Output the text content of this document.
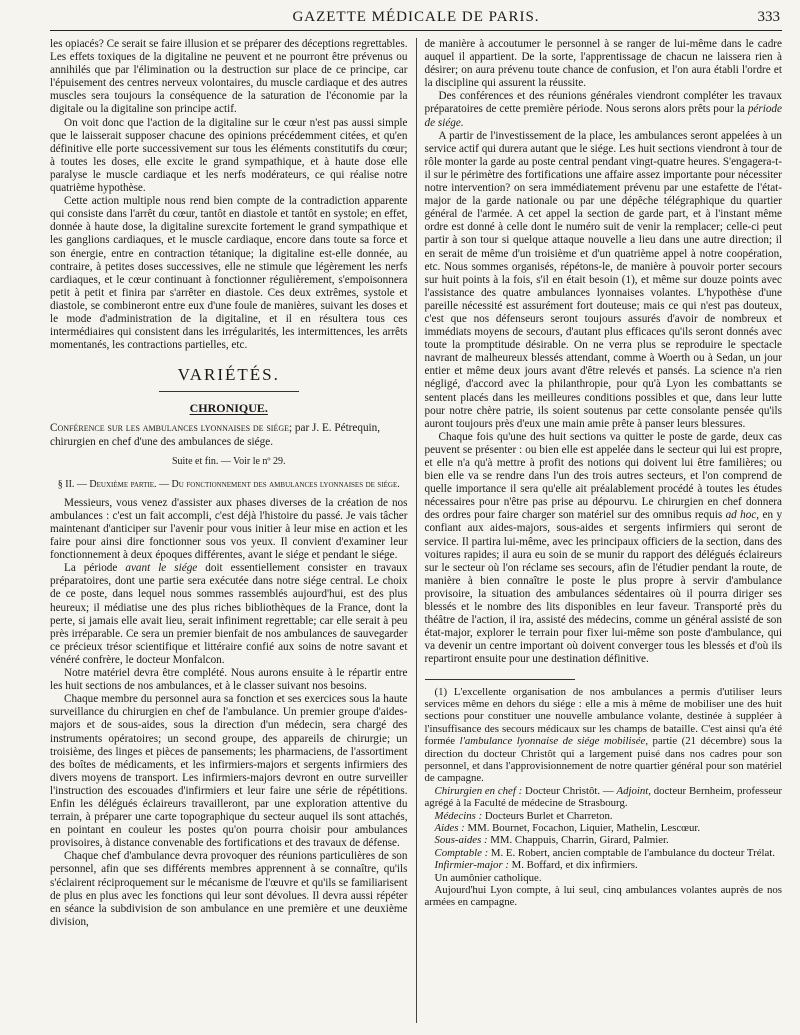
GAZETTE MÉDICALE DE PARIS.	333

les opiacés? Ce serait se faire illusion et se préparer des déceptions regrettables. Les effets toxiques de la digitaline ne peuvent et ne pourront être prévenus ou annihilés que par l'élimination ou la destruction sur place de ce principe, car l'épuisement des centres nerveux volontaires, du muscle cardiaque et des autres muscles sera toujours la conséquence de la saturation de l'économie par la digitale ou la digitaline son principe actif.

On voit donc que l'action de la digitaline sur le cœur n'est pas aussi simple que le laisserait supposer chacune des opinions précédemment citées, et qu'en définitive elle porte successivement sur tous les éléments constitutifs du cœur; à toutes les doses, elle excite le grand sympathique, et à haute dose elle paralyse le muscle cardiaque et les nerfs modérateurs, ce qui réalise notre quatrième hypothèse.

Cette action multiple nous rend bien compte de la contradiction apparente qui consiste dans l'arrêt du cœur, tantôt en diastole et tantôt en systole; en effet, donnée à haute dose, la digitaline surexcite fortement le grand sympathique et les ganglions cardiaques, et le muscle cardiaque, encore dans toute sa force et son énergie, entre en contraction tétanique; la digitaline est-elle donnée, au contraire, à petites doses successives, elle ne stimule que légèrement les nerfs cardiaques, et le cœur continuant à fonctionner régulièrement, s'empoisonnera petit à petit et finira par s'arrêter en diastole. Ces deux extrêmes, systole et diastole, se combineront entre eux d'une foule de manières, suivant les doses et le mode d'administration de la digitaline, et il en résultera tous ces intermédiaires qui consistent dans les irrégularités, les intermittences, les arrêts momentanés, les contractions partielles, etc.

VARIÉTÉS.
CHRONIQUE.

Conférence sur les ambulances lyonnaises de siége; par J. E. Pétrequin, chirurgien en chef d'une des ambulances de siége.

Suite et fin. — Voir le nº 29.
§ II. — Deuxième partie. — Du fonctionnement des ambulances lyonnaises de siége.

Messieurs, vous venez d'assister aux phases diverses de la création de nos ambulances : c'est un fait accompli, c'est déjà l'histoire du passé. Je vais tâcher maintenant d'anticiper sur l'avenir pour vous initier à leur mise en action et les faire pour ainsi dire fonctionner sous vos yeux. Il convient d'examiner leur fonctionnement à deux époques différentes, avant le siége et pendant le siége.

La période avant le siége doit essentiellement consister en travaux préparatoires, dont une partie sera exécutée dans notre siége central. Le choix de ce poste, dans lequel nous sommes rassemblés aujourd'hui, est des plus heureux; il médiatise une des plus riches bibliothèques de la France, dont la perte, si jamais elle avait lieu, serait infiniment regrettable; car elle serait à peu près irréparable. Ce sera un premier bienfait de nos ambulances de sauvegarder ce précieux trésor scientifique et littéraire confié aux soins de notre savant et vénéré confrère, le docteur Monfalcon.

Notre matériel devra être complété. Nous aurons ensuite à le répartir entre les huit sections de nos ambulances, et à le classer suivant nos besoins.

Chaque membre du personnel aura sa fonction et ses exercices sous la haute surveillance du chirurgien en chef de l'ambulance. Un premier groupe d'aides-majors et de sous-aides, sous la direction d'un médecin, sera chargé des instruments opératoires; un second groupe, des appareils de chirurgie; un troisième, des linges et pièces de pansements; les pharmaciens, de l'assortiment des boîtes de médicaments, et les infirmiers-majors et sergents infirmiers des divers moyens de transport. Les infirmiers-majors devront en outre surveiller l'instruction des escouades d'infirmiers et leur faire une série de répétitions. Enfin les délégués éclaireurs travailleront, par une exploration attentive du terrain, à préparer une carte topographique du secteur auquel ils sont attachés, en pointant en couleur les postes qu'on pourra choisir pour ambulances provisoires, à distance convenable des fortifications et des travaux de défense.

Chaque chef d'ambulance devra provoquer des réunions particulières de son personnel, afin que ses différents membres apprennent à se connaître, qu'ils s'éclairent réciproquement sur le mécanisme de l'œuvre et qu'ils se familiarisent de plus en plus avec les fonctions qui leur sont dévolues. Il devra aussi répéter en séance la subdivision de son ambulance en une première et une deuxième division,

de manière à accoutumer le personnel à se ranger de lui-même dans le cadre auquel il appartient. De la sorte, l'apprentissage de chacun ne laissera rien à désirer; on aura prévenu toute chance de confusion, et l'on aura établi l'ordre et la discipline qui assurent la réussite.

Des conférences et des réunions générales viendront compléter les travaux préparatoires de cette première période. Nous serons alors prêts pour la période de siége.

A partir de l'investissement de la place, les ambulances seront appelées à un service actif qui durera autant que le siége. Les huit sections viendront à tour de rôle monter la garde au poste central pendant vingt-quatre heures. S'engagera-t-il sur le périmètre des fortifications une affaire assez importante pour nécessiter notre intervention? on sera immédiatement prévenu par une estafette de l'état-major de la garde nationale ou par une dépêche télégraphique du quartier général de l'armée. A cet appel la section de garde part, et à l'instant même ordre est donné à celle dont le numéro suit de venir la remplacer; celle-ci peut partir à son tour si quelque attaque nouvelle a lieu dans une autre direction; il en serait de même d'un troisième et d'un quatrième appel à notre coopération, etc. Nous sommes organisés, répétons-le, de manière à pouvoir porter secours sur huit points à la fois, s'il en était besoin (1), et même sur douze points avec l'assistance des quatre ambulances lyonnaises volantes. L'hypothèse d'une pareille nécessité est assurément fort douteuse; mais ce qui n'est pas douteux, c'est que nos défenseurs seront toujours assurés d'avoir de nombreux et immédiats moyens de secours, d'autant plus efficaces qu'ils seront donnés avec toute la promptitude désirable. On ne verra plus se reproduire le spectacle navrant de malheureux blessés attendant, comme à Woerth ou à Sedan, un jour entier et même deux jours avant d'être relevés et pansés. La science n'a rien négligé, d'accord avec la philanthropie, pour qu'à Lyon les combattants se sentent placés dans les meilleures conditions possibles et que, dans leur lutte pour notre chère patrie, ils soient soutenus par cette consolante pensée qu'ils auront toujours près d'eux une main amie prête à panser leurs blessures.

Chaque fois qu'une des huit sections va quitter le poste de garde, deux cas peuvent se présenter : ou bien elle est appelée dans le secteur qui lui est propre, et elle n'a qu'à mettre à profit des notions qui doivent lui être familières; ou bien elle va se rendre dans l'un des trois autres secteurs, et l'on comprend de quelle importance il sera qu'elle ait préalablement procédé à toutes les études nécessaires pour n'être pas prise au dépourvu. Le chirurgien en chef donnera des ordres pour faire charger son matériel sur des omnibus requis ad hoc, en y confiant aux aides-majors, sous-aides et sergents infirmiers qui seront de service. Il partira lui-même, avec les principaux officiers de la section, dans des voitures rapides; il aura eu soin de se munir du rapport des délégués éclaireurs sur le secteur où l'on réclame ses secours, afin de l'étudier pendant la route, de manière à bien connaître le poste le plus propre à servir d'ambulance provisoire, la situation des ambulances sédentaires où il pourra diriger ses blessés et le nombre des lits disponibles en leur faveur. Transporté près du théâtre de l'action, il ira, assisté des médecins, comme un général assisté de son état-major, explorer le terrain pour fixer lui-même son poste d'ambulance, qui va devenir un centre important où doivent converger tous les blessés et d'où ils repartiront ensuite pour une destination définitive.

(1) L'excellente organisation de nos ambulances a permis d'utiliser leurs services même en dehors du siége : elle a mis à même de mobiliser une des huit sections pour constituer une nouvelle ambulance volante, destinée à suppléer à l'insuffisance des secours médicaux sur les champs de bataille. C'est ainsi qu'a été formée l'ambulance lyonnaise de siége mobilisée, partie (21 décembre) sous la direction du docteur Christôt qui a largement puisé dans nos cadres pour son personnel, et dans l'approvisionnement de notre quartier général pour son matériel de campagne.

Chirurgien en chef : Docteur Christôt. — Adjoint, docteur Bernheim, professeur agrégé à la Faculté de médecine de Strasbourg.

Médecins : Docteurs Burlet et Charreton.

Aides : MM. Bournet, Focachon, Liquier, Mathelin, Lescœur.

Sous-aides : MM. Chappuis, Charrin, Girard, Palmier.

Comptable : M. E. Robert, ancien comptable de l'ambulance du docteur Trélat.

Infirmier-major : M. Boffard, et dix infirmiers.

Un aumônier catholique.

Aujourd'hui Lyon compte, à lui seul, cinq ambulances volantes auprès de nos armées en campagne.
